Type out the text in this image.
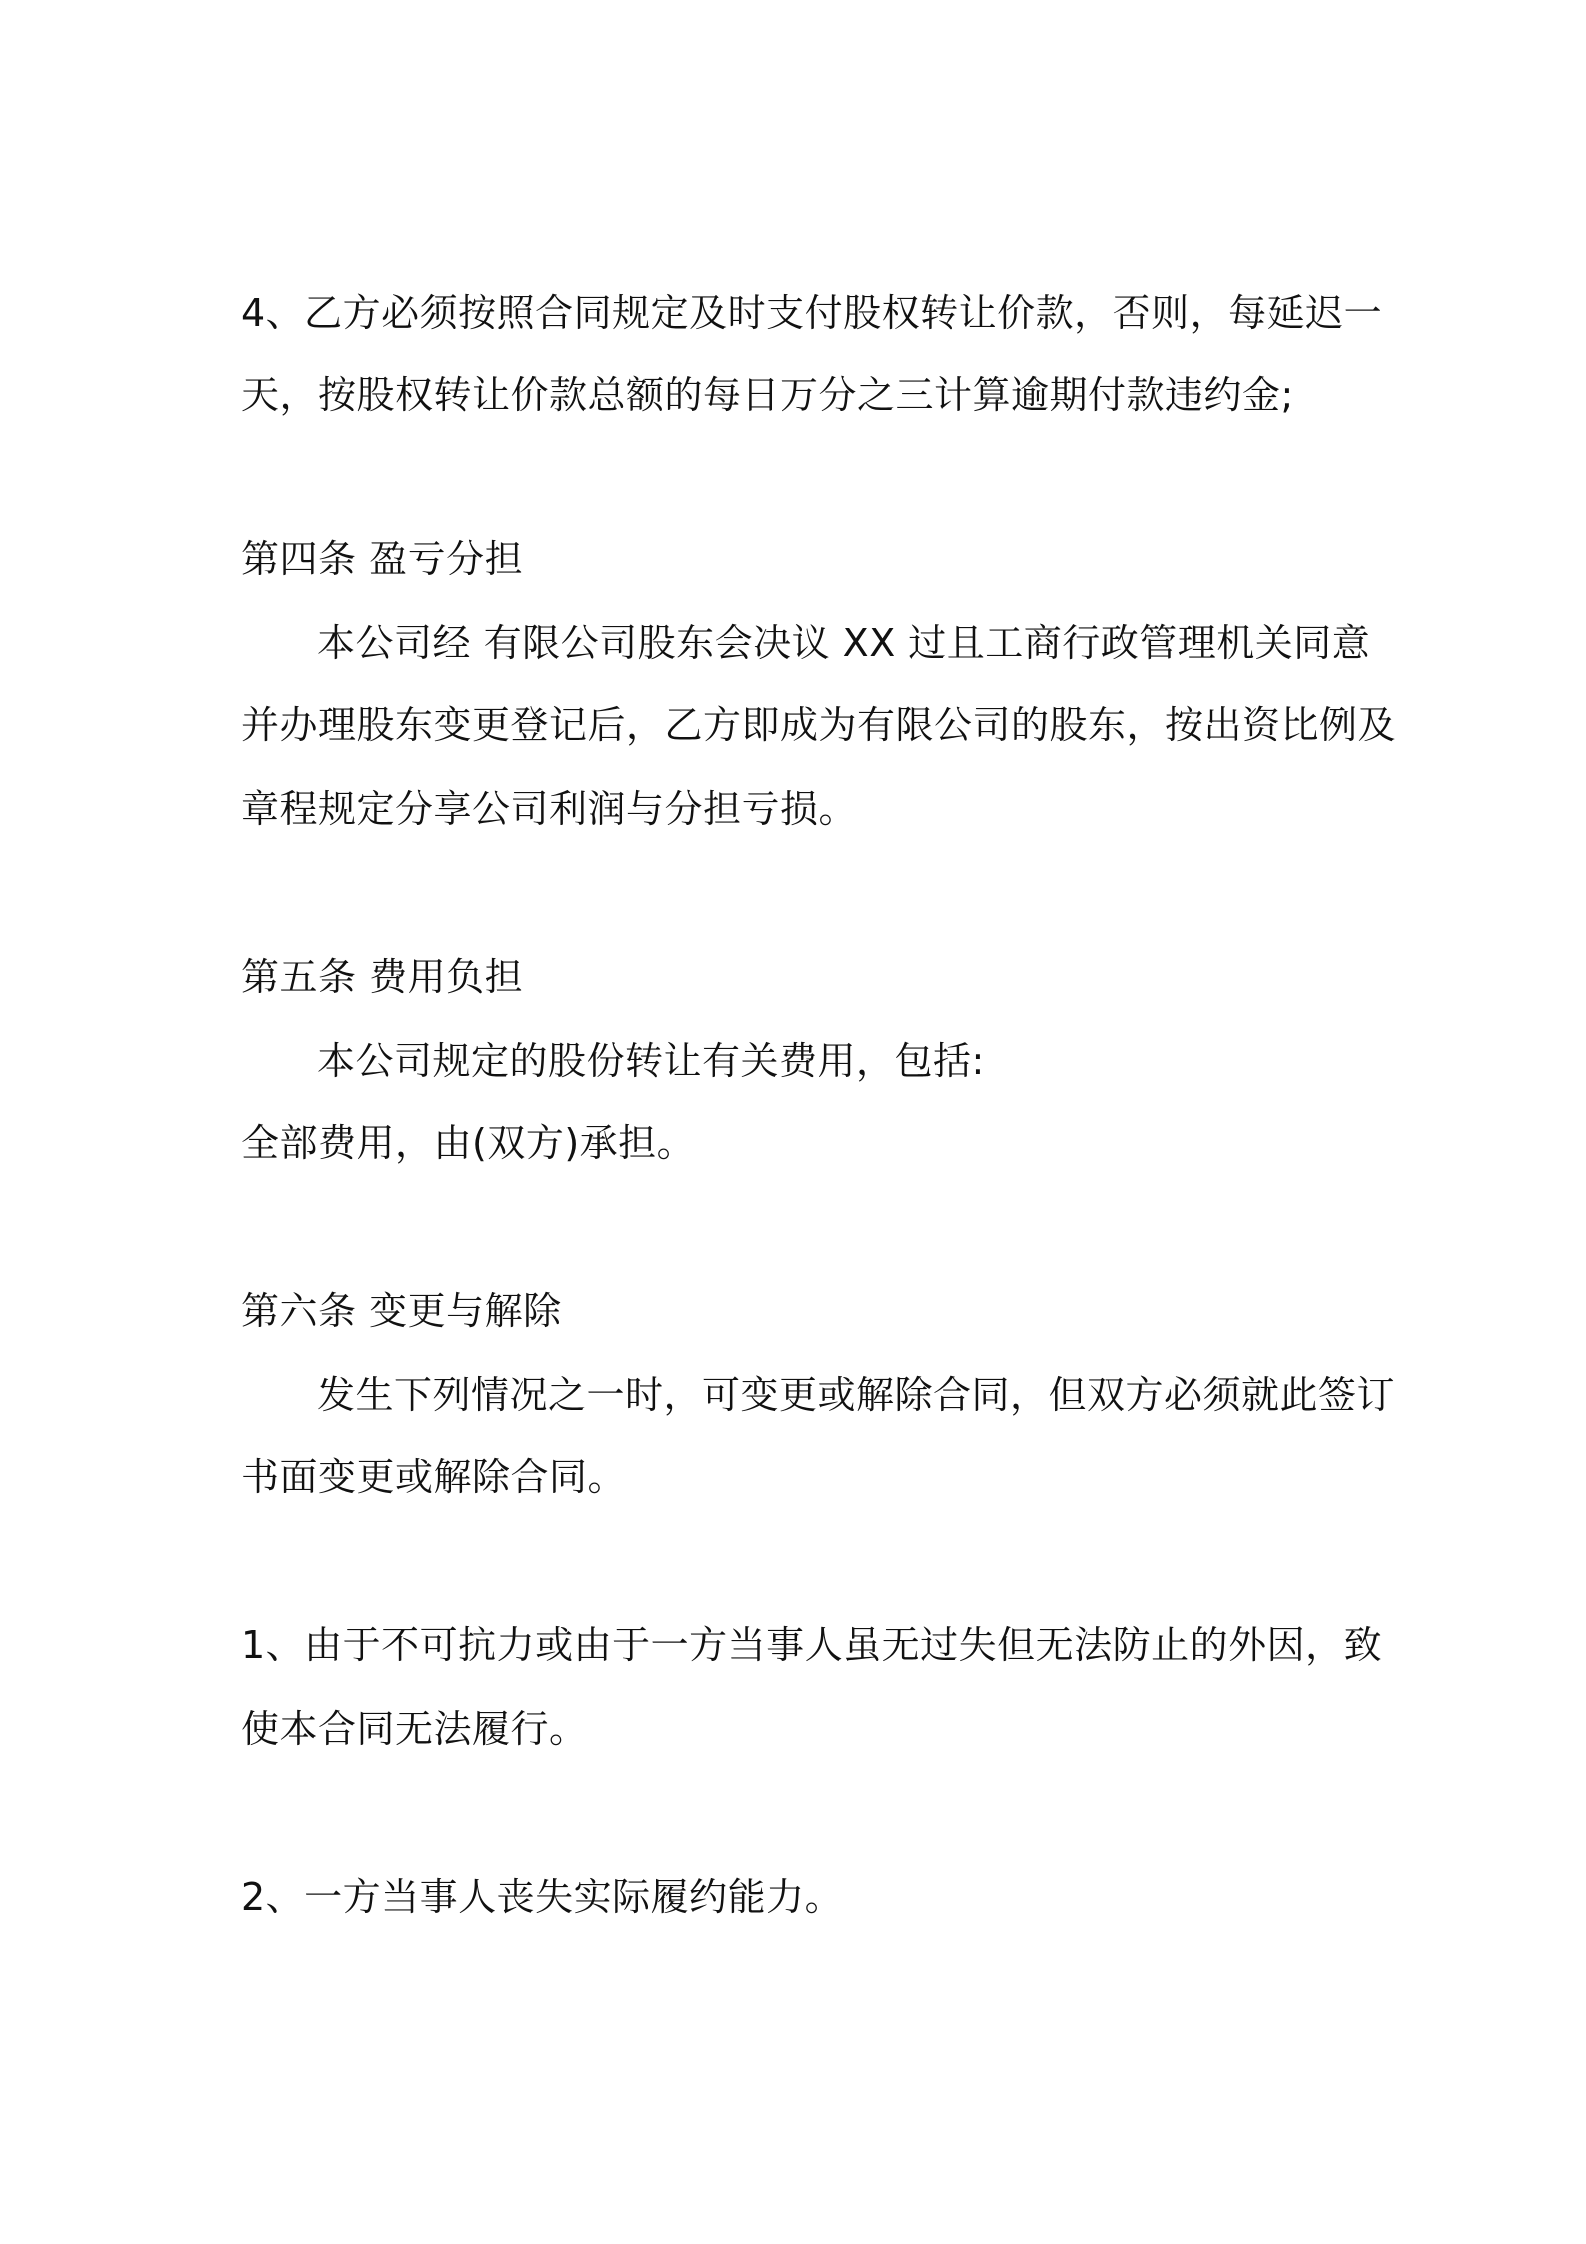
4、乙方必须按照合同规定及时支付股权转让价款，否则，每延迟一
天，按股权转让价款总额的每日万分之三计算逾期付款违约金;
第四条 盈亏分担
本公司经 有限公司股东会决议 XX 过且工商行政管理机关同意
并办理股东变更登记后，乙方即成为有限公司的股东，按出资比例及
章程规定分享公司利润与分担亏损。
第五条 费用负担
本公司规定的股份转让有关费用，包括:
全部费用，由(双方)承担。
第六条 变更与解除
发生下列情况之一时，可变更或解除合同，但双方必须就此签订
书面变更或解除合同。
1、由于不可抗力或由于一方当事人虽无过失但无法防止的外因，致
使本合同无法履行。
2、一方当事人丧失实际履约能力。
